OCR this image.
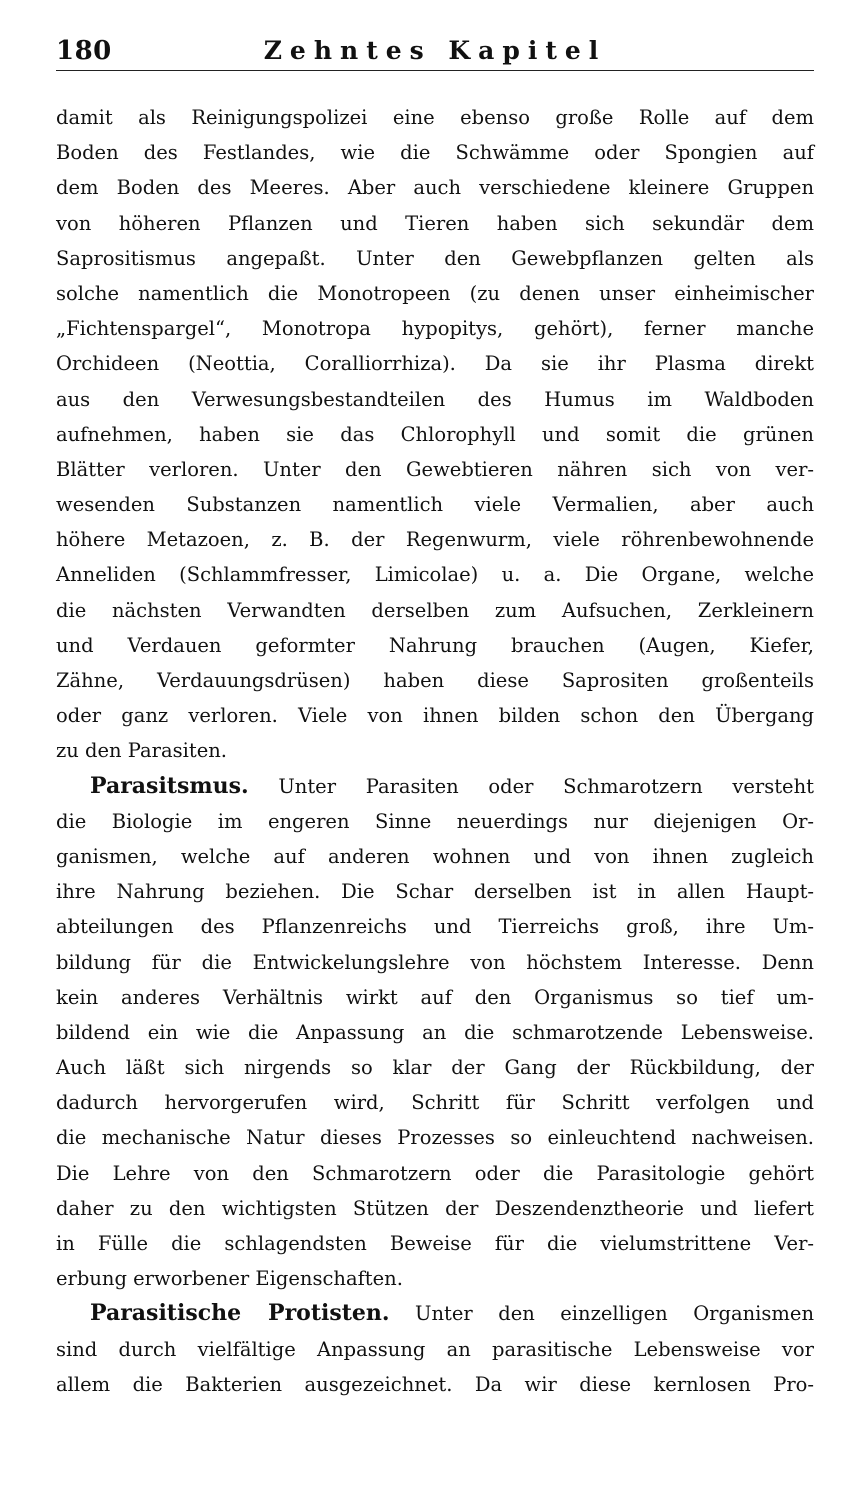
180	Zehntes Kapitel
damit als Reinigungspolizei eine ebenso große Rolle auf dem
Boden des Festlandes, wie die Schwämme oder Spongien auf
dem Boden des Meeres. Aber auch verschiedene kleinere Gruppen
von höheren Pflanzen und Tieren haben sich sekundär dem
Saprositismus angepaßt. Unter den Gewebpflanzen gelten als
solche namentlich die Monotropeen (zu denen unser einheimischer
„Fichtenspargel“, Monotropa hypopitys, gehört), ferner manche
Orchideen (Neottia, Coralliorrhiza). Da sie ihr Plasma direkt
aus den Verwesungsbestandteilen des Humus im Waldboden
aufnehmen, haben sie das Chlorophyll und somit die grünen
Blätter verloren. Unter den Gewebtieren nähren sich von ver-
wesenden Substanzen namentlich viele Vermalien, aber auch
höhere Metazoen, z. B. der Regenwurm, viele röhrenbewohnende
Anneliden (Schlammfresser, Limicolae) u. a. Die Organe, welche
die nächsten Verwandten derselben zum Aufsuchen, Zerkleinern
und Verdauen geformter Nahrung brauchen (Augen, Kiefer,
Zähne, Verdauungsdrüsen) haben diese Saprositen großenteils
oder ganz verloren. Viele von ihnen bilden schon den Übergang
zu den Parasiten.
Parasitsmus. Unter Parasiten oder Schmarotzern versteht
die Biologie im engeren Sinne neuerdings nur diejenigen Or-
ganismen, welche auf anderen wohnen und von ihnen zugleich
ihre Nahrung beziehen. Die Schar derselben ist in allen Haupt-
abteilungen des Pflanzenreichs und Tierreichs groß, ihre Um-
bildung für die Entwickelungslehre von höchstem Interesse. Denn
kein anderes Verhältnis wirkt auf den Organismus so tief um-
bildend ein wie die Anpassung an die schmarotzende Lebensweise.
Auch läßt sich nirgends so klar der Gang der Rückbildung, der
dadurch hervorgerufen wird, Schritt für Schritt verfolgen und
die mechanische Natur dieses Prozesses so einleuchtend nachweisen.
Die Lehre von den Schmarotzern oder die Parasitologie gehört
daher zu den wichtigsten Stützen der Deszendenztheorie und liefert
in Fülle die schlagendsten Beweise für die vielumstrittene Ver-
erbung erworbener Eigenschaften.
Parasitische Protisten. Unter den einzelligen Organismen
sind durch vielfältige Anpassung an parasitische Lebensweise vor
allem die Bakterien ausgezeichnet. Da wir diese kernlosen Pro-
